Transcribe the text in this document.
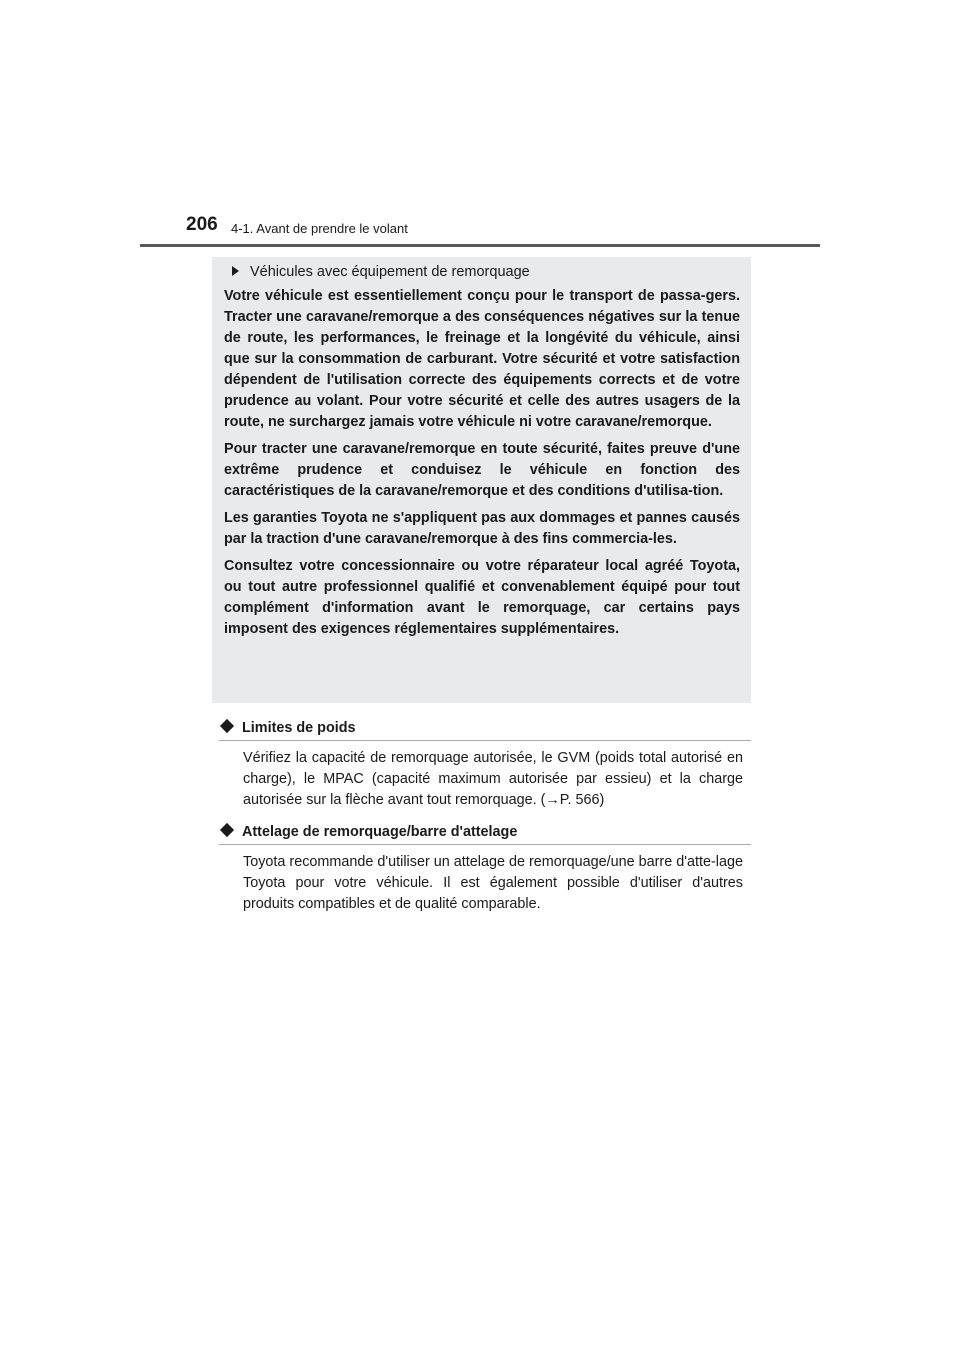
206 4-1. Avant de prendre le volant
Véhicules avec équipement de remorquage

Votre véhicule est essentiellement conçu pour le transport de passa-gers. Tracter une caravane/remorque a des conséquences négatives sur la tenue de route, les performances, le freinage et la longévité du véhicule, ainsi que sur la consommation de carburant. Votre sécurité et votre satisfaction dépendent de l'utilisation correcte des équipements corrects et de votre prudence au volant. Pour votre sécurité et celle des autres usagers de la route, ne surchargez jamais votre véhicule ni votre caravane/remorque.

Pour tracter une caravane/remorque en toute sécurité, faites preuve d'une extrême prudence et conduisez le véhicule en fonction des caractéristiques de la caravane/remorque et des conditions d'utilisa-tion.

Les garanties Toyota ne s'appliquent pas aux dommages et pannes causés par la traction d'une caravane/remorque à des fins commercia-les.

Consultez votre concessionnaire ou votre réparateur local agréé Toyota, ou tout autre professionnel qualifié et convenablement équipé pour tout complément d'information avant le remorquage, car certains pays imposent des exigences réglementaires supplémentaires.

Limites de poids

Vérifiez la capacité de remorquage autorisée, le GVM (poids total autorisé en charge), le MPAC (capacité maximum autorisée par essieu) et la charge autorisée sur la flèche avant tout remorquage. (→P. 566)

Attelage de remorquage/barre d'attelage

Toyota recommande d'utiliser un attelage de remorquage/une barre d'atte-lage Toyota pour votre véhicule. Il est également possible d'utiliser d'autres produits compatibles et de qualité comparable.
